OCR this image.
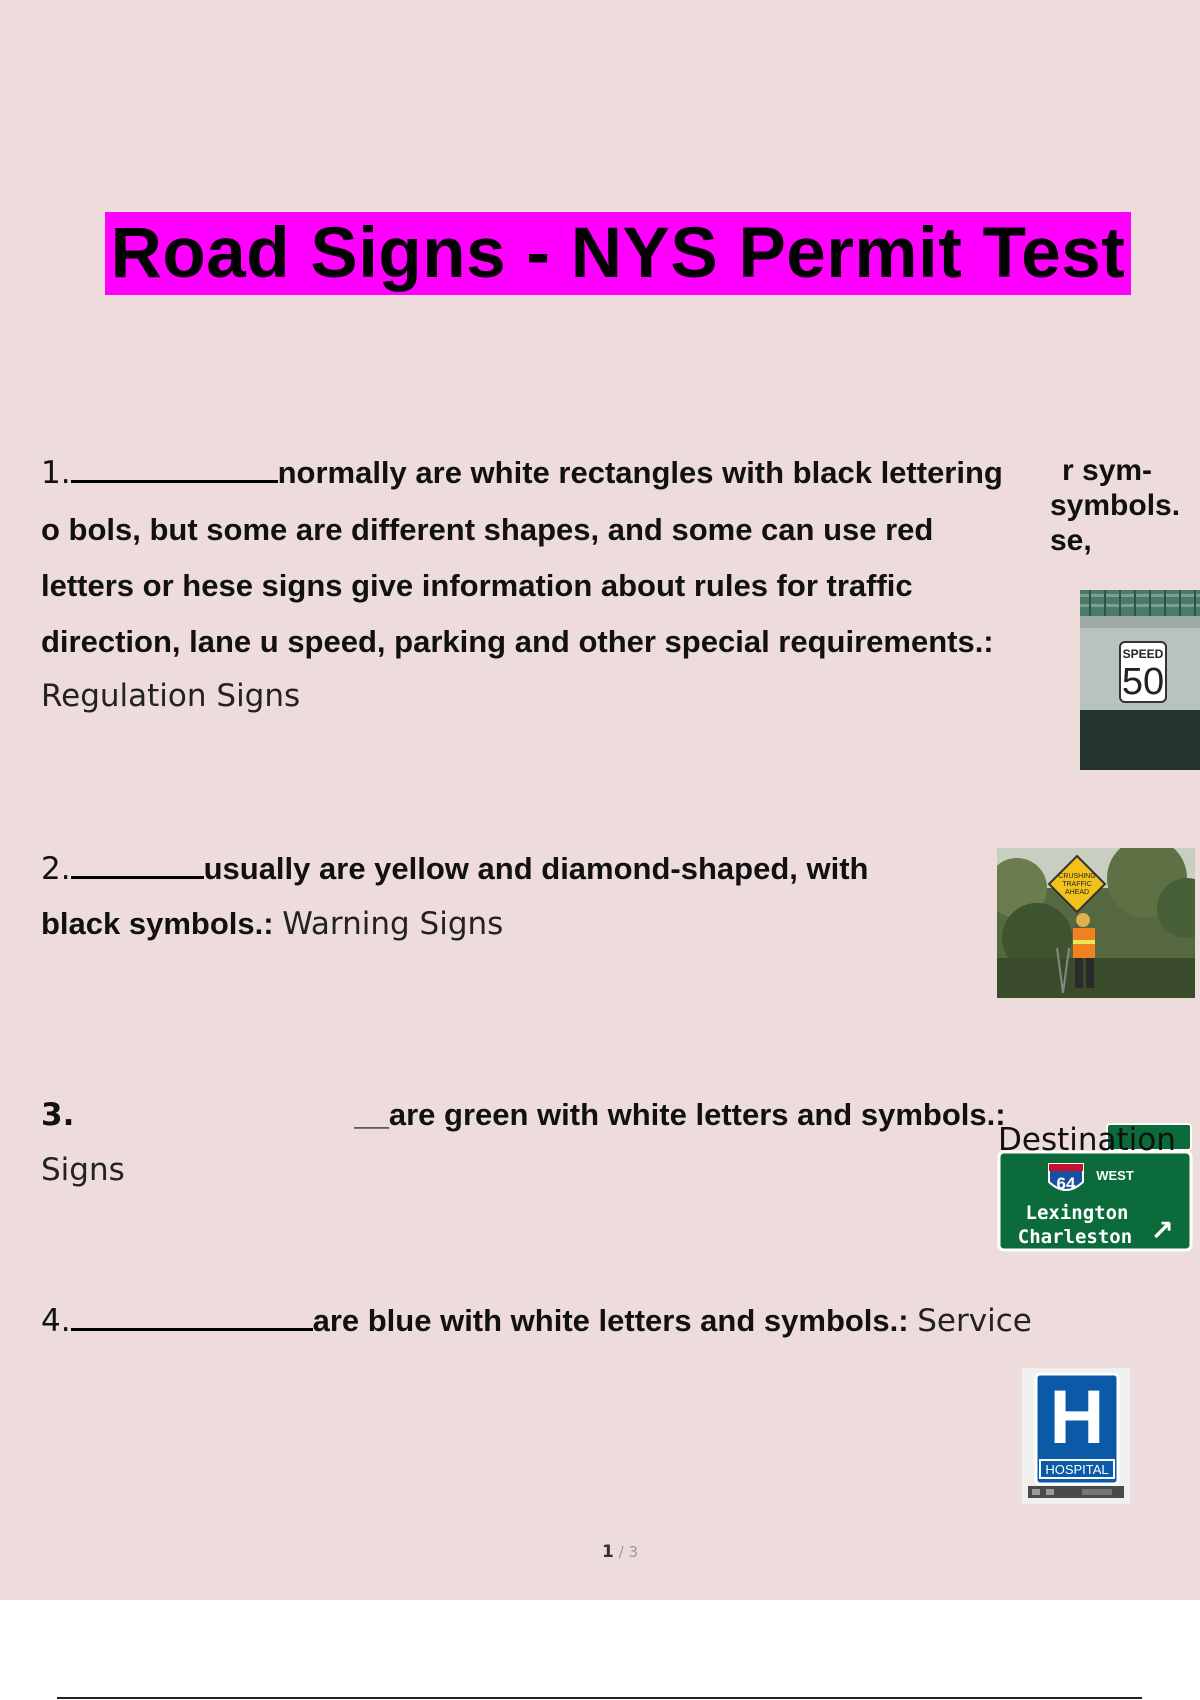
Road Signs - NYS Permit Test
1.	normally are white rectangles with black lettering
o bols, but some are different shapes, and some can use red
letters or hese signs give information about rules for traffic
direction, lane u speed, parking and other special requirements.:
Regulation Signs
r sym-
symbols.
se,
SPEED
50
2.	usually are yellow and diamond-shaped, with
black symbols.: Warning Signs
CRUSHING
TRAFFIC
AHEAD
3.	__are green with white letters and symbols.:
Destination
Signs	64 WEST
Lexington
Charleston ↗
4.	are blue with white letters and symbols.: Service
H
HOSPITAL
1 / 3
